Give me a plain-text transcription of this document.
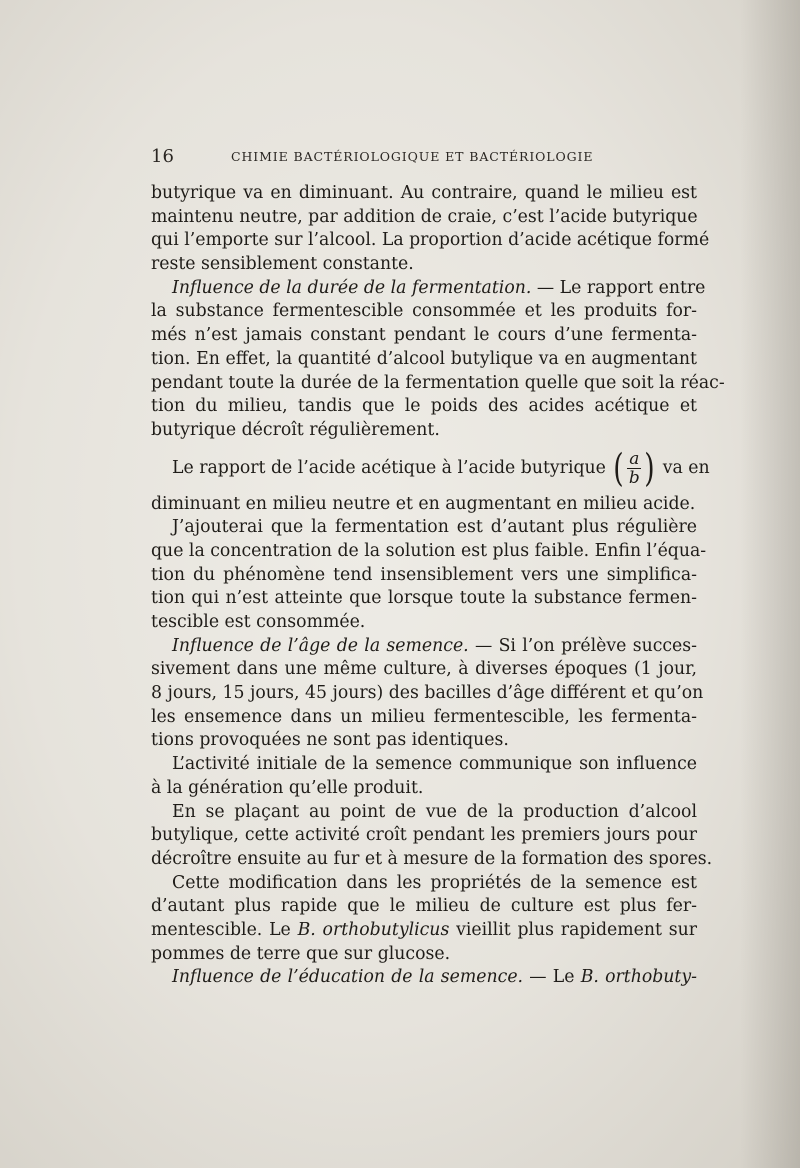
16	CHIMIE BACTÉRIOLOGIQUE ET BACTÉRIOLOGIE
butyrique va en diminuant. Au contraire, quand le milieu est
maintenu neutre, par addition de craie, c’est l’acide butyrique
qui l’emporte sur l’alcool. La proportion d’acide acétique formé
reste sensiblement constante.
Influence de la durée de la fermentation. — Le rapport entre
la substance fermentescible consommée et les produits for-
més n’est jamais constant pendant le cours d’une fermenta-
tion. En effet, la quantité d’alcool butylique va en augmentant
pendant toute la durée de la fermentation quelle que soit la réac-
tion du milieu, tandis que le poids des acides acétique et
butyrique décroît régulièrement.
Le rapport de l’acide acétique à l’acide butyrique ( $\frac{a}{b}$ ) va en
diminuant en milieu neutre et en augmentant en milieu acide.
J’ajouterai que la fermentation est d’autant plus régulière
que la concentration de la solution est plus faible. Enfin l’équa-
tion du phénomène tend insensiblement vers une simplifica-
tion qui n’est atteinte que lorsque toute la substance fermen-
tescible est consommée.
Influence de l’âge de la semence. — Si l’on prélève succes-
sivement dans une même culture, à diverses époques (1 jour,
8 jours, 15 jours, 45 jours) des bacilles d’âge différent et qu’on
les ensemence dans un milieu fermentescible, les fermenta-
tions provoquées ne sont pas identiques.
L’activité initiale de la semence communique son influence
à la génération qu’elle produit.
En se plaçant au point de vue de la production d’alcool
butylique, cette activité croît pendant les premiers jours pour
décroître ensuite au fur et à mesure de la formation des spores.
Cette modification dans les propriétés de la semence est
d’autant plus rapide que le milieu de culture est plus fer-
mentescible. Le B. orthobutylicus vieillit plus rapidement sur
pommes de terre que sur glucose.
Influence de l’éducation de la semence. — Le B. orthobuty-
